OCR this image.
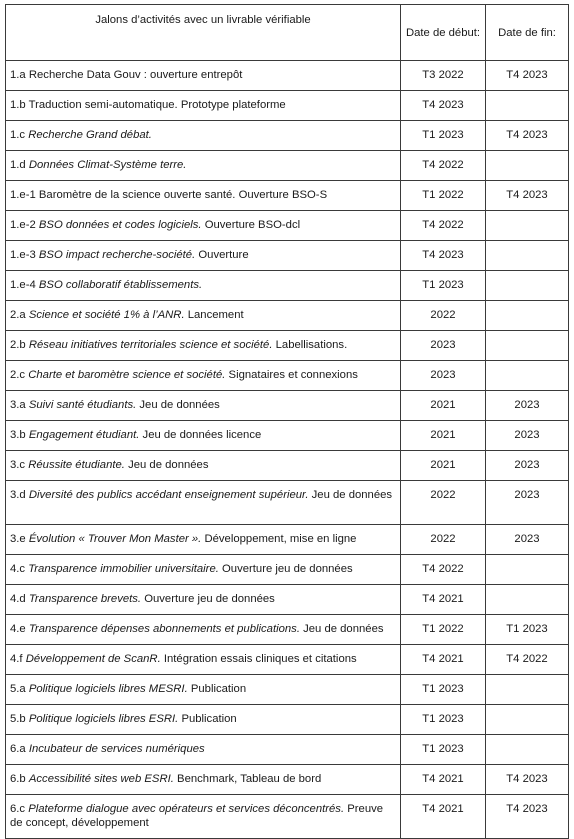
Jalons d’activités avec un livrable vérifiable	Date de début:	Date de fin:
1.a Recherche Data Gouv : ouverture entrepôt	T3 2022	T4 2023
1.b Traduction semi-automatique. Prototype plateforme	T4 2023	
1.c Recherche Grand débat.	T1 2023	T4 2023
1.d Données Climat-Système terre.	T4 2022	
1.e-1 Baromètre de la science ouverte santé. Ouverture BSO-S	T1 2022	T4 2023
1.e-2 BSO données et codes logiciels. Ouverture BSO-dcl	T4 2022	
1.e-3 BSO impact recherche-société. Ouverture	T4 2023	
1.e-4 BSO collaboratif établissements.	T1 2023	
2.a Science et société 1% à l’ANR. Lancement	2022	
2.b Réseau initiatives territoriales science et société. Labellisations.	2023	
2.c Charte et baromètre science et société. Signataires et connexions	2023	
3.a Suivi santé étudiants. Jeu de données	2021	2023
3.b Engagement étudiant. Jeu de données licence	2021	2023
3.c Réussite étudiante. Jeu de données	2021	2023
3.d Diversité des publics accédant enseignement supérieur. Jeu de données	2022	2023
3.e Évolution « Trouver Mon Master ». Développement, mise en ligne	2022	2023
4.c Transparence immobilier universitaire. Ouverture jeu de données	T4 2022	
4.d Transparence brevets. Ouverture jeu de données	T4 2021	
4.e Transparence dépenses abonnements et publications. Jeu de données	T1 2022	T1 2023
4.f Développement de ScanR. Intégration essais cliniques et citations	T4 2021	T4 2022
5.a Politique logiciels libres MESRI. Publication	T1 2023	
5.b Politique logiciels libres ESRI. Publication	T1 2023	
6.a Incubateur de services numériques	T1 2023	
6.b Accessibilité sites web ESRI. Benchmark, Tableau de bord	T4 2021	T4 2023
6.c Plateforme dialogue avec opérateurs et services déconcentrés. Preuve de concept, développement	T4 2021	T4 2023
